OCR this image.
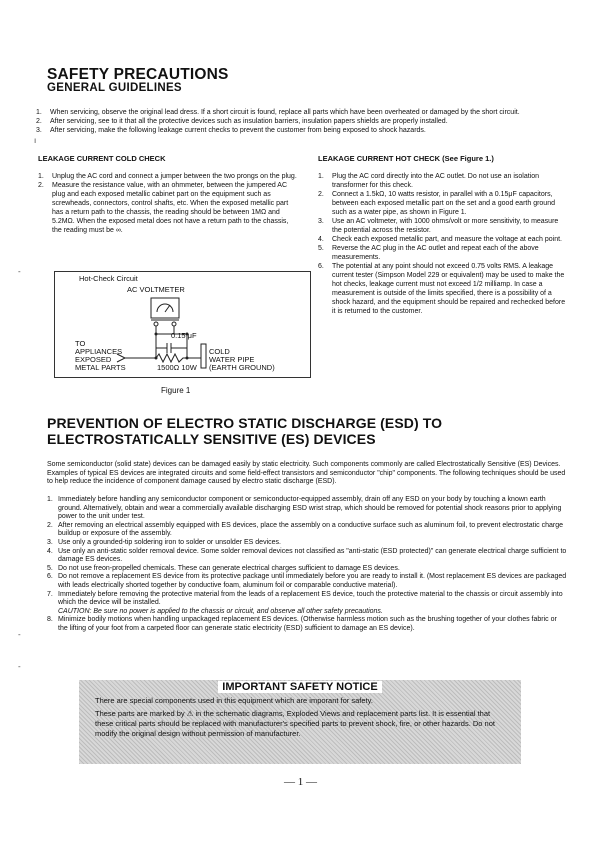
SAFETY PRECAUTIONS
GENERAL GUIDELINES
1. When servicing, observe the original lead dress. If a short circuit is found, replace all parts which have been overheated or damaged by the short circuit.
2. After servicing, see to it that all the protective devices such as insulation barriers, insulation papers shields are properly installed.
3. After servicing, make the following leakage current checks to prevent the customer from being exposed to shock hazards.
LEAKAGE CURRENT COLD CHECK
1. Unplug the AC cord and connect a jumper between the two prongs on the plug.
2. Measure the resistance value, with an ohmmeter, between the jumpered AC plug and each exposed metallic cabinet part on the equipment such as screwheads, connectors, control shafts, etc. When the exposed metallic part has a return path to the chassis, the reading should be between 1MΩ and 5.2MΩ. When the exposed metal does not have a return path to the chassis, the reading must be ∞.
LEAKAGE CURRENT HOT CHECK (See Figure 1.)
1. Plug the AC cord directly into the AC outlet. Do not use an isolation transformer for this check.
2. Connect a 1.5kΩ, 10 watts resistor, in parallel with a 0.15μF capacitors, between each exposed metallic part on the set and a good earth ground such as a water pipe, as shown in Figure 1.
3. Use an AC voltmeter, with 1000 ohms/volt or more sensitivity, to measure the potential across the resistor.
4. Check each exposed metallic part, and measure the voltage at each point.
5. Reverse the AC plug in the AC outlet and repeat each of the above measurements.
6. The potential at any point should not exceed 0.75 volts RMS. A leakage current tester (Simpson Model 229 or equivalent) may be used to make the hot checks, leakage current must not exceed 1/2 milliamp. In case a measurement is outside of the limits specified, there is a possibility of a shock hazard, and the equipment should be repaired and rechecked before it is returned to the customer.
Hot-Check Circuit
AC VOLTMETER
0.15 μF
TO
APPLIANCES
EXPOSED
METAL PARTS	1500Ω 10W
COLD
WATER PIPE
(EARTH GROUND)
Figure 1
PREVENTION OF ELECTRO STATIC DISCHARGE (ESD) TO
ELECTROSTATICALLY SENSITIVE (ES) DEVICES

Some semiconductor (solid state) devices can be damaged easily by static electricity. Such components commonly are called Electrostatically Sensitive (ES) Devices. Examples of typical ES devices are integrated circuits and some field-effect transistors and semiconductor "chip" components. The following techniques should be used to help reduce the incidence of component damage caused by electro static discharge (ESD).

1. Immediately before handling any semiconductor component or semiconductor-equipped assembly, drain off any ESD on your body by touching a known earth ground. Alternatively, obtain and wear a commercially available discharging ESD wrist strap, which should be removed for potential shock reasons prior to applying power to the unit under test.
2. After removing an electrical assembly equipped with ES devices, place the assembly on a conductive surface such as aluminum foil, to prevent electrostatic charge buildup or exposure of the assembly.
3. Use only a grounded-tip soldering iron to solder or unsolder ES devices.
4. Use only an anti-static solder removal device. Some solder removal devices not classified as "anti-static (ESD protected)" can generate electrical charge sufficient to damage ES devices.
5. Do not use freon-propelled chemicals. These can generate electrical charges sufficient to damage ES devices.
6. Do not remove a replacement ES device from its protective package until immediately before you are ready to install it. (Most replacement ES devices are packaged with leads electrically shorted together by conductive foam, aluminum foil or comparable conductive material).
7. Immediately before removing the protective material from the leads of a replacement ES device, touch the protective material to the chassis or circuit assembly into which the device will be installed.
CAUTION: Be sure no power is applied to the chassis or circuit, and observe all other safety precautions.
8. Minimize bodily motions when handling unpackaged replacement ES devices. (Otherwise harmless motion such as the brushing together of your clothes fabric or the lifting of your foot from a carpeted floor can generate static electricity (ESD) sufficient to damage an ES device).
IMPORTANT SAFETY NOTICE

There are special components used in this equipment which are imporant for safety.

These parts are marked by ⚠ in the schematic diagrams, Exploded Views and replacement parts list. It is essential that these critical parts should be replaced with manufacturer's specified parts to prevent shock, fire, or other hazards. Do not modify the original design without permission of manufacturer.

— 1 —
ı
-
-
-
